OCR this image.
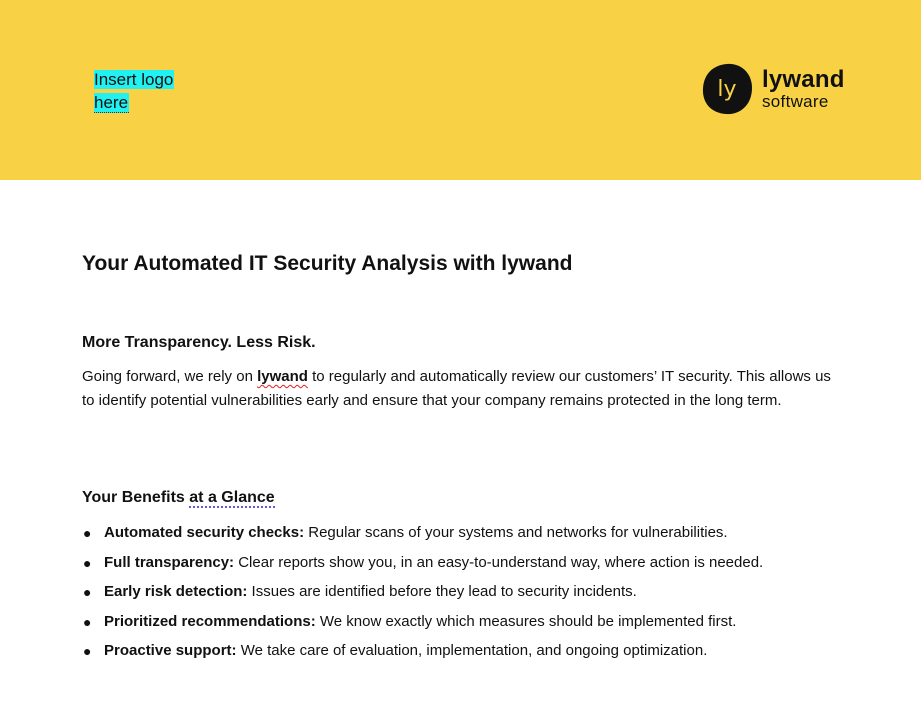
Insert logo
here
ly lywand
software
Your Automated IT Security Analysis with lywand
More Transparency. Less Risk.

Going forward, we rely on lywand to regularly and automatically review our customers’ IT security. This allows us to identify potential vulnerabilities early and ensure that your company remains protected in the long term.

Your Benefits at a Glance
● Automated security checks: Regular scans of your systems and networks for vulnerabilities.
● Full transparency: Clear reports show you, in an easy-to-understand way, where action is needed.
● Early risk detection: Issues are identified before they lead to security incidents.
● Prioritized recommendations: We know exactly which measures should be implemented first.
● Proactive support: We take care of evaluation, implementation, and ongoing optimization.
